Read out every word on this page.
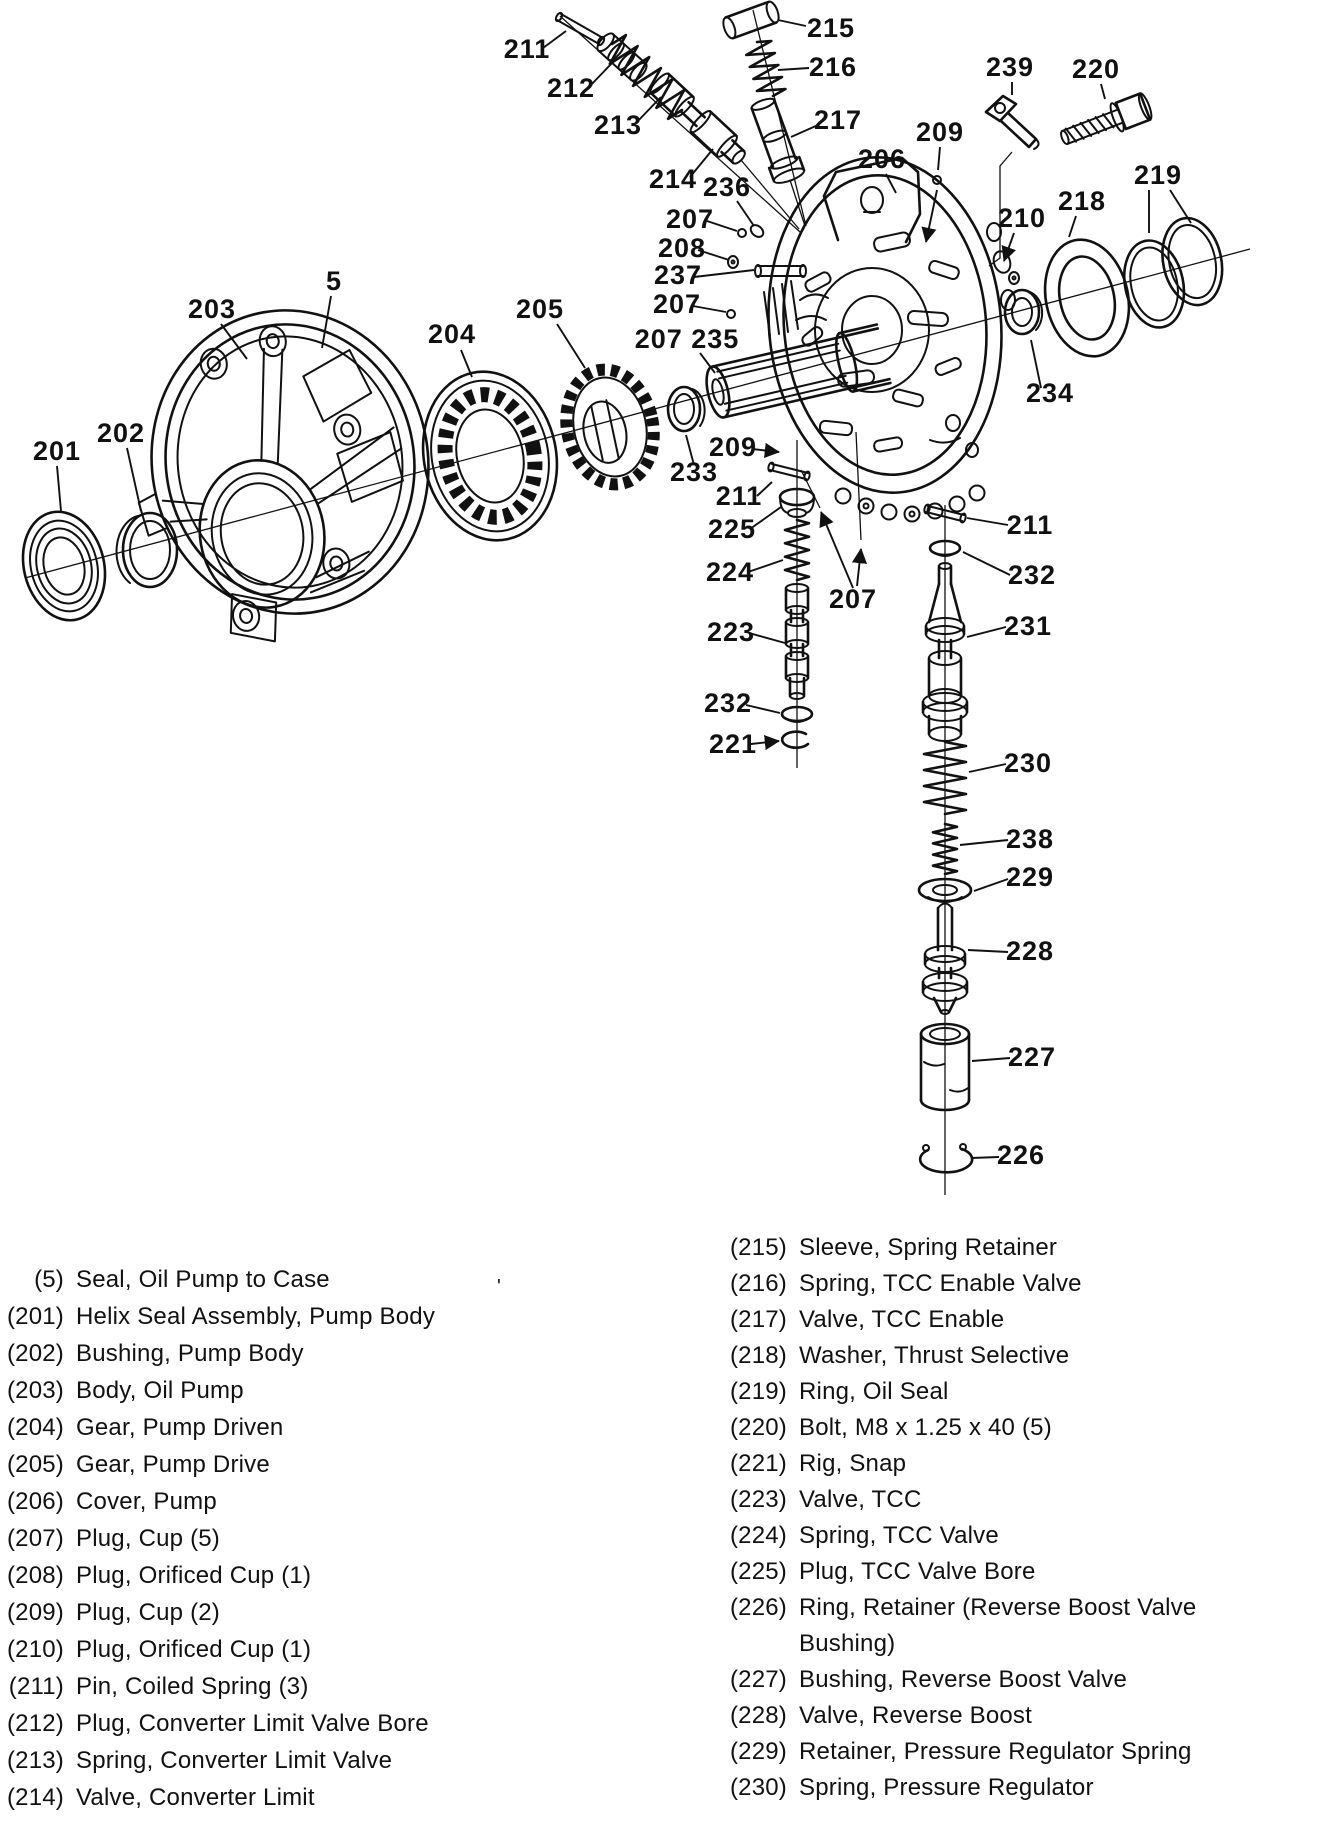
211
212
213
214
215
216
217
206
209
239 220
210
218
219
234
203
5
204
205
201
202
207
208
237
207
207 235
236
233
209
211
225
224
223
232
221
207
211
232
231
230
238
229
228
227
226
'
(5) Seal, Oil Pump to Case
(201) Helix Seal Assembly, Pump Body
(202) Bushing, Pump Body
(203) Body, Oil Pump
(204) Gear, Pump Driven
(205) Gear, Pump Drive
(206) Cover, Pump
(207) Plug, Cup (5)
(208) Plug, Orificed Cup (1)
(209) Plug, Cup (2)
(210) Plug, Orificed Cup (1)
(211) Pin, Coiled Spring (3)
(212) Plug, Converter Limit Valve Bore
(213) Spring, Converter Limit Valve
(214) Valve, Converter Limit
(215) Sleeve, Spring Retainer
(216) Spring, TCC Enable Valve
(217) Valve, TCC Enable
(218) Washer, Thrust Selective
(219) Ring, Oil Seal
(220) Bolt, M8 x 1.25 x 40 (5)
(221) Rig, Snap
(223) Valve, TCC
(224) Spring, TCC Valve
(225) Plug, TCC Valve Bore
(226) Ring, Retainer (Reverse Boost Valve Bushing)
(227) Bushing, Reverse Boost Valve
(228) Valve, Reverse Boost
(229) Retainer, Pressure Regulator Spring
(230) Spring, Pressure Regulator
